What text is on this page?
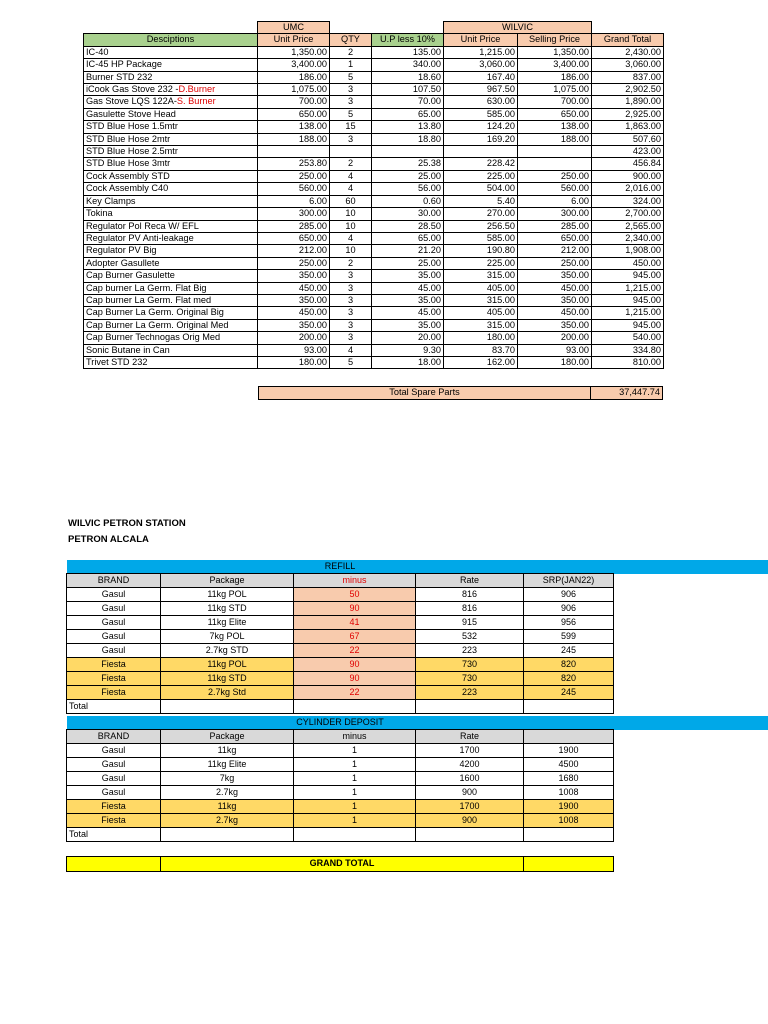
	UMC			WILVIC		
Desciptions	Unit Price	QTY	U.P less 10%	Unit Price	Selling Price	Grand Total
IC-40	1,350.00	2	135.00	1,215.00	1,350.00	2,430.00
IC-45 HP Package	3,400.00	1	340.00	3,060.00	3,400.00	3,060.00
Burner STD 232	186.00	5	18.60	167.40	186.00	837.00
iCook Gas Stove 232 -D.Burner	1,075.00	3	107.50	967.50	1,075.00	2,902.50
Gas Stove LQS 122A-S. Burner	700.00	3	70.00	630.00	700.00	1,890.00
Gasulette Stove Head	650.00	5	65.00	585.00	650.00	2,925.00
STD Blue Hose 1.5mtr	138.00	15	13.80	124.20	138.00	1,863.00
STD Blue Hose 2mtr	188.00	3	18.80	169.20	188.00	507.60
STD Blue Hose 2.5mtr						423.00
STD Blue Hose 3mtr	253.80	2	25.38	228.42		456.84
Cock Assembly STD	250.00	4	25.00	225.00	250.00	900.00
Cock Assembly C40	560.00	4	56.00	504.00	560.00	2,016.00
Key Clamps	6.00	60	0.60	5.40	6.00	324.00
Tokina	300.00	10	30.00	270.00	300.00	2,700.00
Regulator Pol Reca W/ EFL	285.00	10	28.50	256.50	285.00	2,565.00
Regulator PV Anti-leakage	650.00	4	65.00	585.00	650.00	2,340.00
Regulator PV Big	212.00	10	21.20	190.80	212.00	1,908.00
Adopter Gasullete	250.00	2	25.00	225.00	250.00	450.00
Cap Burner Gasulette	350.00	3	35.00	315.00	350.00	945.00
Cap burner La Germ. Flat Big	450.00	3	45.00	405.00	450.00	1,215.00
Cap burner La Germ. Flat med	350.00	3	35.00	315.00	350.00	945.00
Cap Burner La Germ. Original Big	450.00	3	45.00	405.00	450.00	1,215.00
Cap Burner La Germ. Original Med	350.00	3	35.00	315.00	350.00	945.00
Cap Burner Technogas Orig Med	200.00	3	20.00	180.00	200.00	540.00
Sonic Butane in Can	93.00	4	9.30	83.70	93.00	334.80
Trivet STD 232	180.00	5	18.00	162.00	180.00	810.00
Total Spare Parts	37,447.74
WILVIC PETRON STATION
PETRON ALCALA
REFILL				
BRAND	Package	minus	Rate	SRP(JAN22)
Gasul	11kg POL	50	816	906
Gasul	11kg STD	90	816	906
Gasul	11kg Elite	41	915	956
Gasul	7kg POL	67	532	599
Gasul	2.7kg STD	22	223	245
Fiesta	11kg POL	90	730	820
Fiesta	11kg STD	90	730	820
Fiesta	2.7kg Std	22	223	245
Total				
CYLINDER DEPOSIT				
BRAND	Package	minus	Rate	
Gasul	11kg	1	1700	1900
Gasul	11kg Elite	1	4200	4500
Gasul	7kg	1	1600	1680
Gasul	2.7kg	1	900	1008
Fiesta	11kg	1	1700	1900
Fiesta	2.7kg	1	900	1008
Total				
	GRAND TOTAL	
